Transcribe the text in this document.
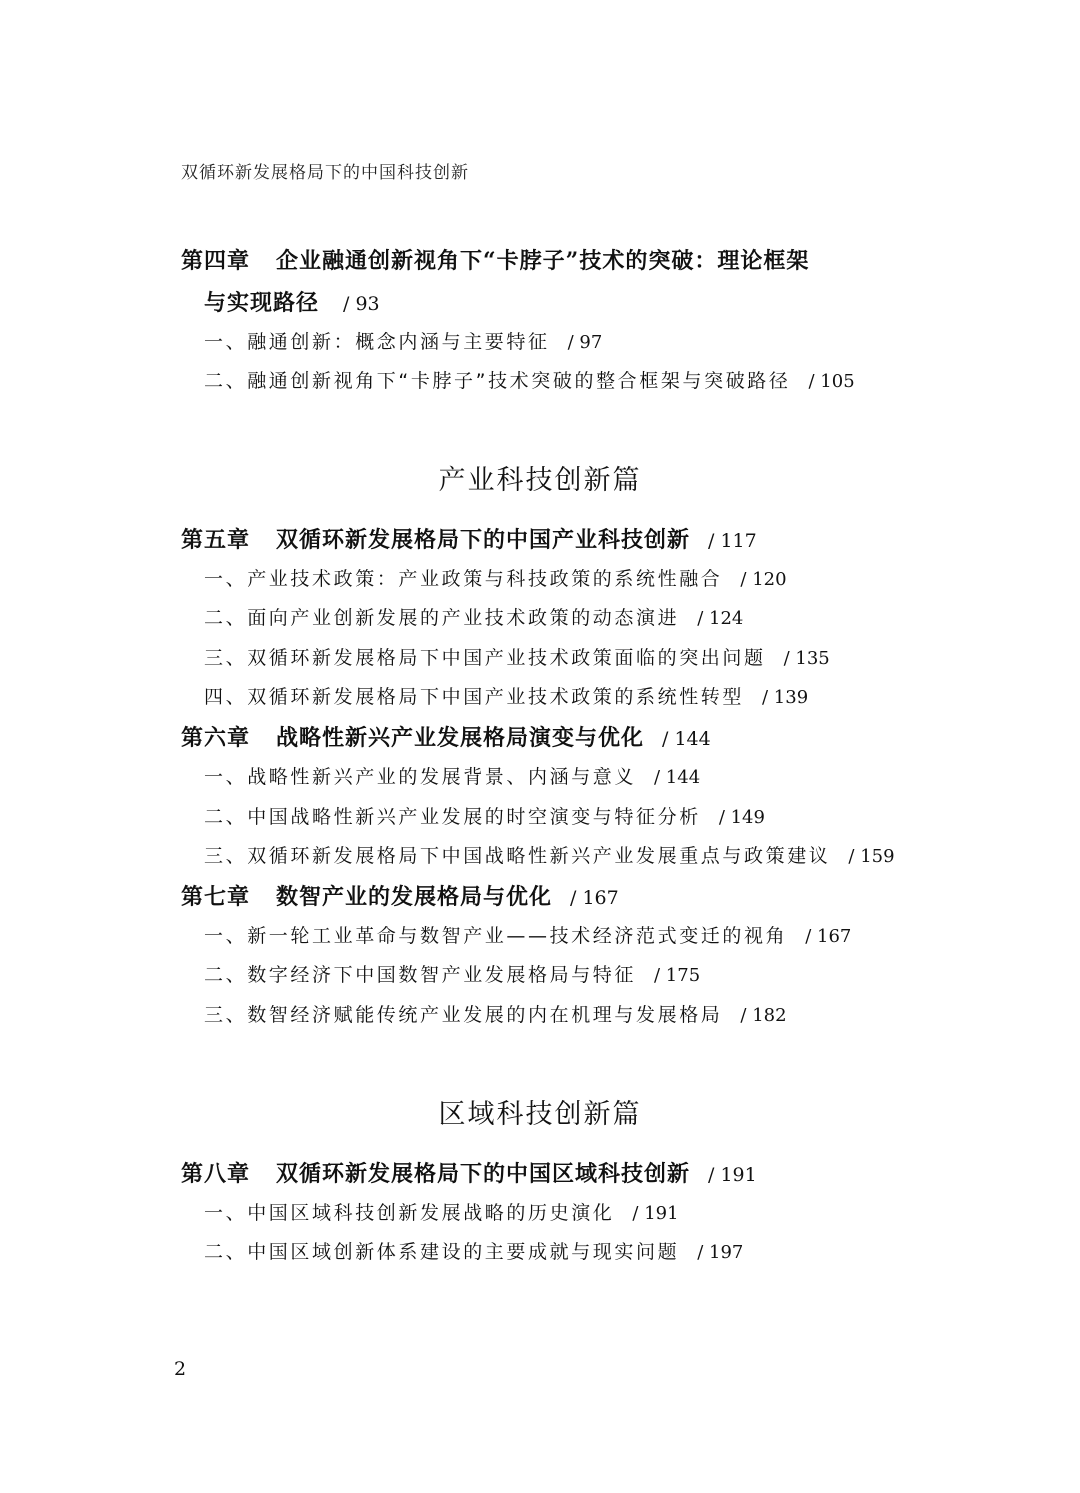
双循环新发展格局下的中国科技创新
第四章 企业融通创新视角下“卡脖子”技术的突破：理论框架
与实现路径 / 93
一、融通创新：概念内涵与主要特征 / 97
二、融通创新视角下“卡脖子”技术突破的整合框架与突破路径 / 105
产业科技创新篇
第五章 双循环新发展格局下的中国产业科技创新 / 117
一、产业技术政策：产业政策与科技政策的系统性融合 / 120
二、面向产业创新发展的产业技术政策的动态演进 / 124
三、双循环新发展格局下中国产业技术政策面临的突出问题 / 135
四、双循环新发展格局下中国产业技术政策的系统性转型 / 139
第六章 战略性新兴产业发展格局演变与优化 / 144
一、战略性新兴产业的发展背景、内涵与意义 / 144
二、中国战略性新兴产业发展的时空演变与特征分析 / 149
三、双循环新发展格局下中国战略性新兴产业发展重点与政策建议 / 159
第七章 数智产业的发展格局与优化 / 167
一、新一轮工业革命与数智产业——技术经济范式变迁的视角 / 167
二、数字经济下中国数智产业发展格局与特征 / 175
三、数智经济赋能传统产业发展的内在机理与发展格局 / 182
区域科技创新篇
第八章 双循环新发展格局下的中国区域科技创新 / 191
一、中国区域科技创新发展战略的历史演化 / 191
二、中国区域创新体系建设的主要成就与现实问题 / 197
2
